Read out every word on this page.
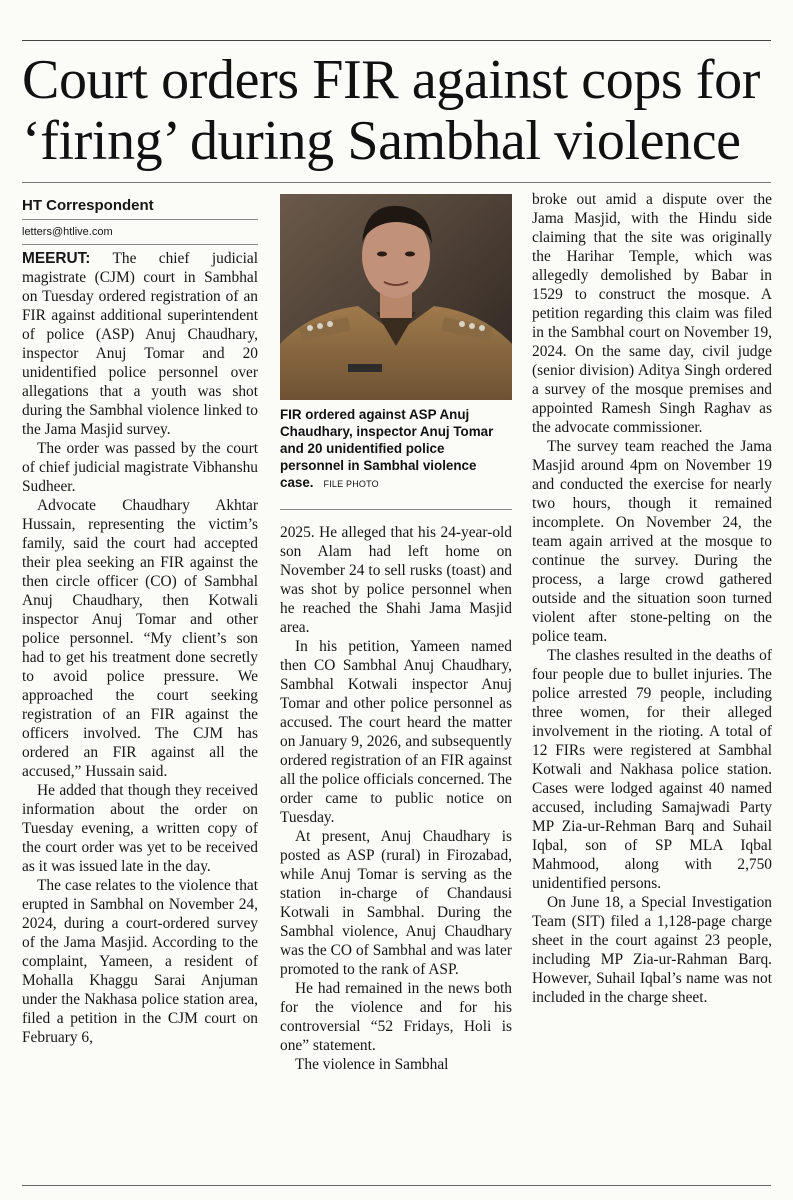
Court orders FIR against cops for ‘firing’ during Sambhal violence
HT Correspondent
letters@htlive.com

MEERUT: The chief judicial magistrate (CJM) court in Sambhal on Tuesday ordered registration of an FIR against additional superintendent of police (ASP) Anuj Chaudhary, inspector Anuj Tomar and 20 unidentified police personnel over allegations that a youth was shot during the Sambhal violence linked to the Jama Masjid survey.

The order was passed by the court of chief judicial magistrate Vibhanshu Sudheer.

Advocate Chaudhary Akhtar Hussain, representing the victim’s family, said the court had accepted their plea seeking an FIR against the then circle officer (CO) of Sambhal Anuj Chaudhary, then Kotwali inspector Anuj Tomar and other police personnel. “My client’s son had to get his treatment done secretly to avoid police pressure. We approached the court seeking registration of an FIR against the officers involved. The CJM has ordered an FIR against all the accused,” Hussain said.

He added that though they received information about the order on Tuesday evening, a written copy of the court order was yet to be received as it was issued late in the day.

The case relates to the violence that erupted in Sambhal on November 24, 2024, during a court-ordered survey of the Jama Masjid. According to the complaint, Yameen, a resident of Mohalla Khaggu Sarai Anjuman under the Nakhasa police station area, filed a petition in the CJM court on February 6,

FIR ordered against ASP Anuj Chaudhary, inspector Anuj Tomar and 20 unidentified police personnel in Sambhal violence case. FILE PHOTO

2025. He alleged that his 24-year-old son Alam had left home on November 24 to sell rusks (toast) and was shot by police personnel when he reached the Shahi Jama Masjid area.

In his petition, Yameen named then CO Sambhal Anuj Chaudhary, Sambhal Kotwali inspector Anuj Tomar and other police personnel as accused. The court heard the matter on January 9, 2026, and subsequently ordered registration of an FIR against all the police officials concerned. The order came to public notice on Tuesday.

At present, Anuj Chaudhary is posted as ASP (rural) in Firozabad, while Anuj Tomar is serving as the station in-charge of Chandausi Kotwali in Sambhal. During the Sambhal violence, Anuj Chaudhary was the CO of Sambhal and was later promoted to the rank of ASP.

He had remained in the news both for the violence and for his controversial “52 Fridays, Holi is one” statement.

The violence in Sambhal

broke out amid a dispute over the Jama Masjid, with the Hindu side claiming that the site was originally the Harihar Temple, which was allegedly demolished by Babar in 1529 to construct the mosque. A petition regarding this claim was filed in the Sambhal court on November 19, 2024. On the same day, civil judge (senior division) Aditya Singh ordered a survey of the mosque premises and appointed Ramesh Singh Raghav as the advocate commissioner.

The survey team reached the Jama Masjid around 4pm on November 19 and conducted the exercise for nearly two hours, though it remained incomplete. On November 24, the team again arrived at the mosque to continue the survey. During the process, a large crowd gathered outside and the situation soon turned violent after stone-pelting on the police team.

The clashes resulted in the deaths of four people due to bullet injuries. The police arrested 79 people, including three women, for their alleged involvement in the rioting. A total of 12 FIRs were registered at Sambhal Kotwali and Nakhasa police station. Cases were lodged against 40 named accused, including Samajwadi Party MP Zia-ur-Rehman Barq and Suhail Iqbal, son of SP MLA Iqbal Mahmood, along with 2,750 unidentified persons.

On June 18, a Special Investigation Team (SIT) filed a 1,128-page charge sheet in the court against 23 people, including MP Zia-ur-Rahman Barq. However, Suhail Iqbal’s name was not included in the charge sheet.
